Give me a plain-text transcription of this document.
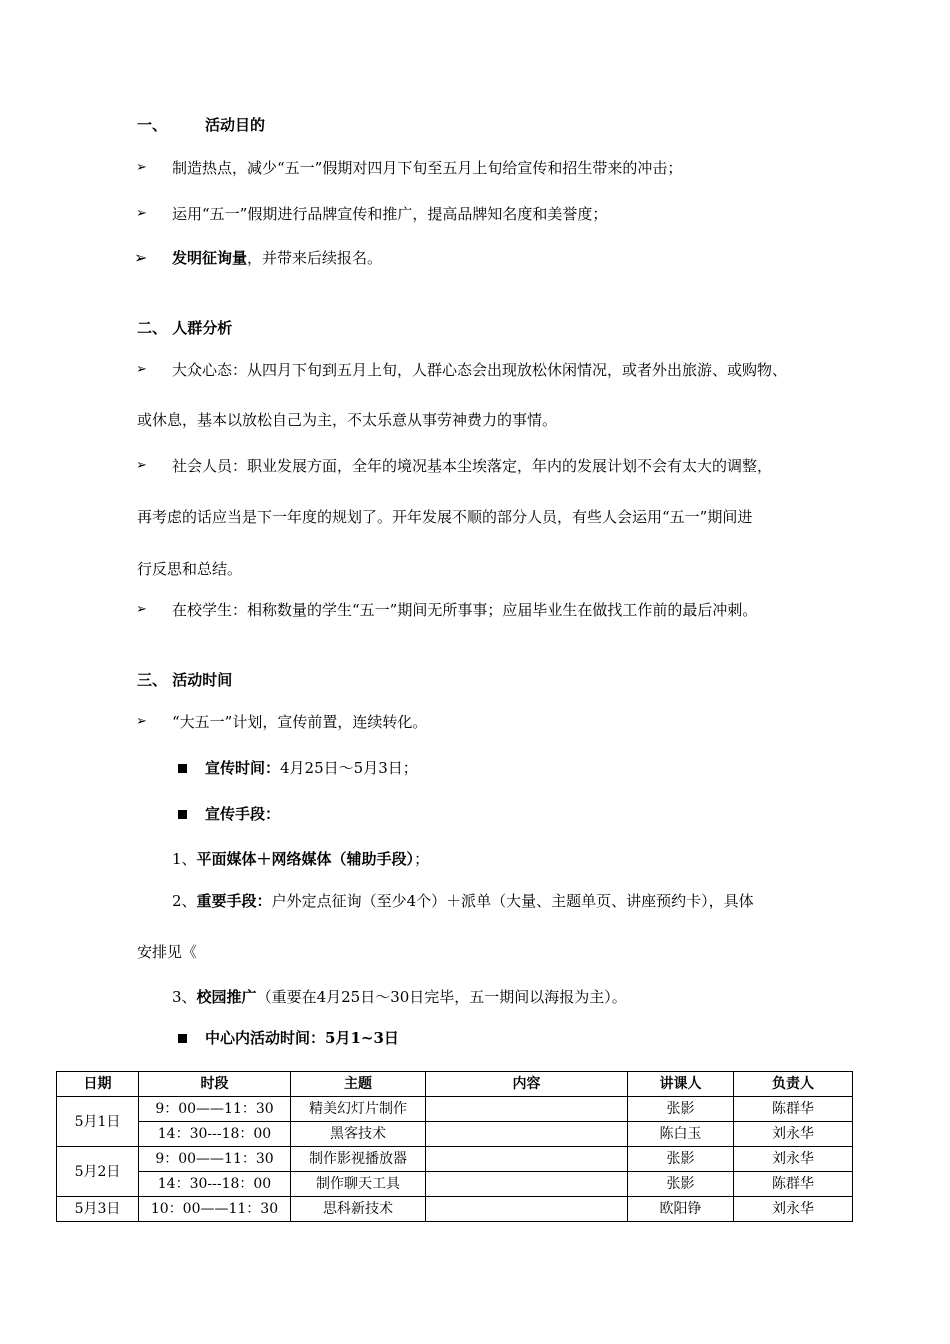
一、	活动目的
➢ 制造热点，减少“五一”假期对四月下旬至五月上旬给宣传和招生带来的冲击；
➢ 运用“五一”假期进行品牌宣传和推广，提高品牌知名度和美誉度；
➢ 发明征询量，并带来后续报名。
二、 人群分析
➢ 大众心态：从四月下旬到五月上旬，人群心态会出现放松休闲情况，或者外出旅游、或购物、
或休息，基本以放松自己为主，不太乐意从事劳神费力的事情。
➢ 社会人员：职业发展方面，全年的境况基本尘埃落定，年内的发展计划不会有太大的调整，
再考虑的话应当是下一年度的规划了。开年发展不顺的部分人员，有些人会运用“五一”期间进
行反思和总结。
➢ 在校学生：相称数量的学生“五一”期间无所事事；应届毕业生在做找工作前的最后冲刺。
三、 活动时间
➢ “大五一”计划，宣传前置，连续转化。
宣传时间：4月25日～5月3日；
宣传手段：
1、平面媒体＋网络媒体（辅助手段）；
2、重要手段：户外定点征询（至少4个）＋派单（大量、主题单页、讲座预约卡），具体
安排见《
3、校园推广（重要在4月25日～30日完毕，五一期间以海报为主）。
中心内活动时间：5月1~3日
日期	时段	主题	内容	讲课人	负责人
5月1日	9：00——11：30	精美幻灯片制作		张影	陈群华
	14：30---18：00	黑客技术		陈白玉	刘永华
5月2日	9：00——11：30	制作影视播放器		张影	刘永华
	14：30---18：00	制作聊天工具		张影	陈群华
5月3日	10：00——11：30	思科新技术		欧阳铮	刘永华
